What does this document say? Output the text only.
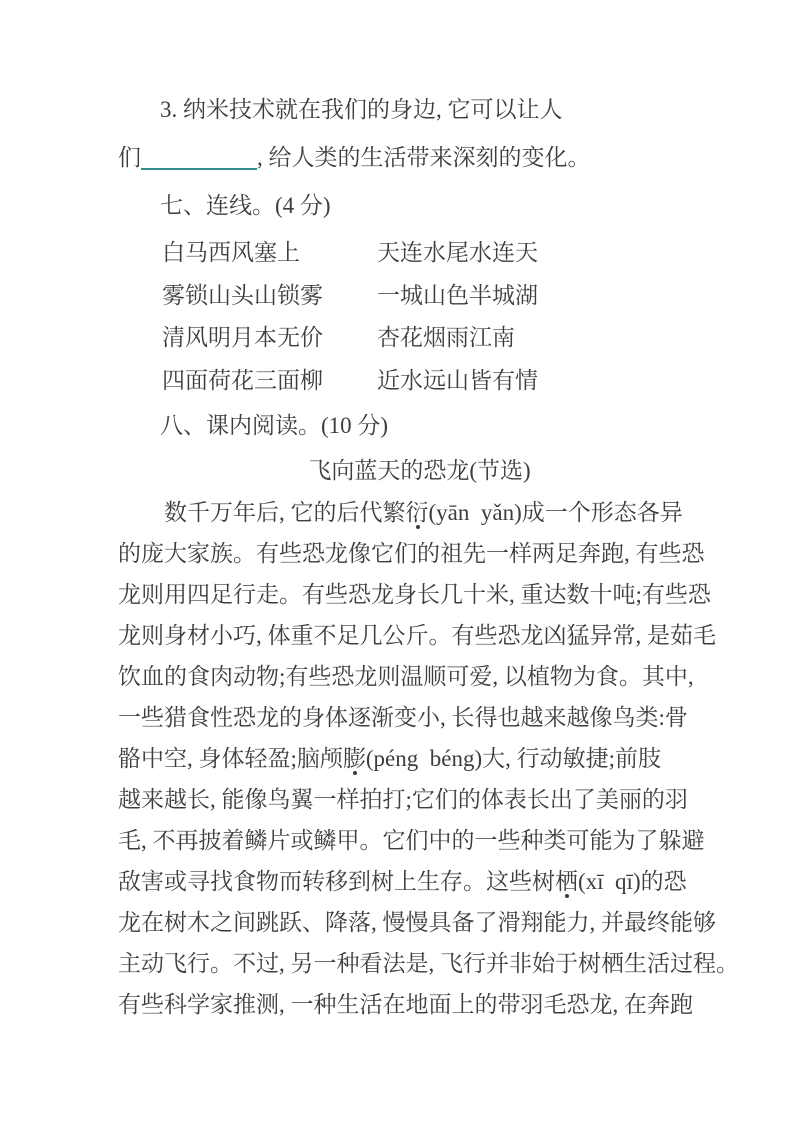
3. 纳米技术就在我们的身边, 它可以让人
们	, 给人类的生活带来深刻的变化。
七、连线。(4 分)
白马西风塞上	天连水尾水连天
雾锁山头山锁雾	一城山色半城湖
清风明月本无价	杏花烟雨江南
四面荷花三面柳	近水远山皆有情
八、课内阅读。(10 分)
飞向蓝天的恐龙(节选)
数千万年后, 它的后代繁衍(yān  yǎn)成一个形态各异
的庞大家族。有些恐龙像它们的祖先一样两足奔跑, 有些恐
龙则用四足行走。有些恐龙身长几十米, 重达数十吨;有些恐
龙则身材小巧, 体重不足几公斤。有些恐龙凶猛异常, 是茹毛
饮血的食肉动物;有些恐龙则温顺可爱, 以植物为食。其中,
一些猎食性恐龙的身体逐渐变小, 长得也越来越像鸟类:骨
骼中空, 身体轻盈;脑颅膨(péng  béng)大, 行动敏捷;前肢
越来越长, 能像鸟翼一样拍打;它们的体表长出了美丽的羽
毛, 不再披着鳞片或鳞甲。它们中的一些种类可能为了躲避
敌害或寻找食物而转移到树上生存。这些树栖(xī  qī)的恐
龙在树木之间跳跃、降落, 慢慢具备了滑翔能力, 并最终能够
主动飞行。不过, 另一种看法是, 飞行并非始于树栖生活过程。
有些科学家推测, 一种生活在地面上的带羽毛恐龙, 在奔跑
